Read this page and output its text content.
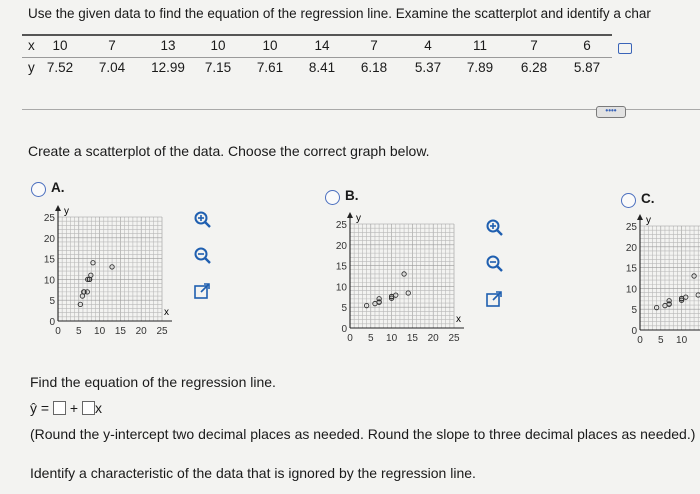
Use the given data to find the equation of the regression line. Examine the scatterplot and identify a char
x
y
10	7	13	10	10	14	7	4	11	7	6
7.52	7.04	12.99	7.15	7.61	8.41	6.18	5.37	7.89	6.28	5.87
••••
Create a scatterplot of the data. Choose the correct graph below.
A.
y
x
25
20
15
10
5
0
0 5 10 15 20 25
B.
y
x
25
20
15
10
5
0
0 5 10 15 20 25
C.
y
25
20
15
10
5
0
0 5 10
Find the equation of the regression line.
ŷ = + x
(Round the y-intercept two decimal places as needed. Round the slope to three decimal places as needed.)
Identify a characteristic of the data that is ignored by the regression line.
